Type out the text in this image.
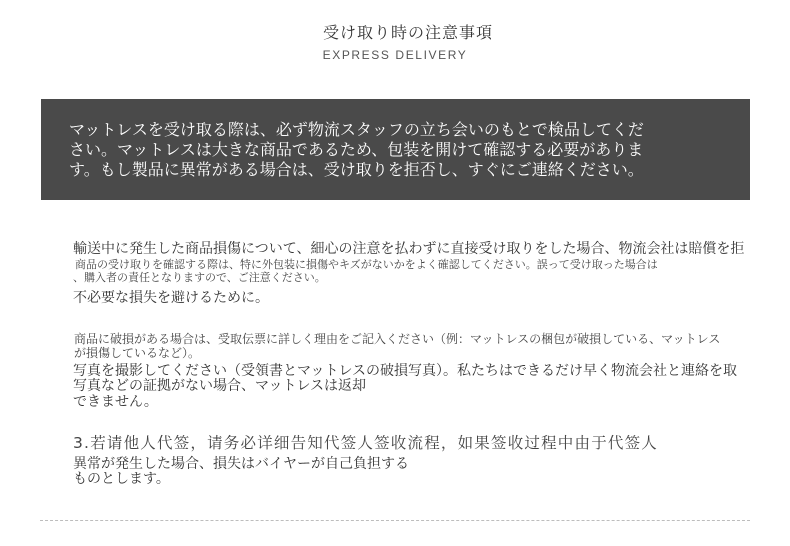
受け取り時の注意事項
EXPRESS DELIVERY
マットレスを受け取る際は、必ず物流スタッフの立ち会いのもとで検品してくだ
さい。マットレスは大きな商品であるため、包装を開けて確認する必要がありま
す。もし製品に異常がある場合は、受け取りを拒否し、すぐにご連絡ください。
輸送中に発生した商品損傷について、細心の注意を払わずに直接受け取りをした場合、物流会社は賠償を拒
商品の受け取りを確認する際は、特に外包装に損傷やキズがないかをよく確認してください。誤って受け取った場合は
、購入者の責任となりますので、ご注意ください。
不必要な損失を避けるために。
商品に破損がある場合は、受取伝票に詳しく理由をご記入ください（例：マットレスの梱包が破損している、マットレス
が損傷しているなど）。
写真を撮影してください（受領書とマットレスの破損写真）。私たちはできるだけ早く物流会社と連絡を取
写真などの証拠がない場合、マットレスは返却
できません。
3.若请他人代签，请务必详细告知代签人签收流程，如果签收过程中由于代签人
異常が発生した場合、損失はバイヤーが自己負担する
ものとします。
